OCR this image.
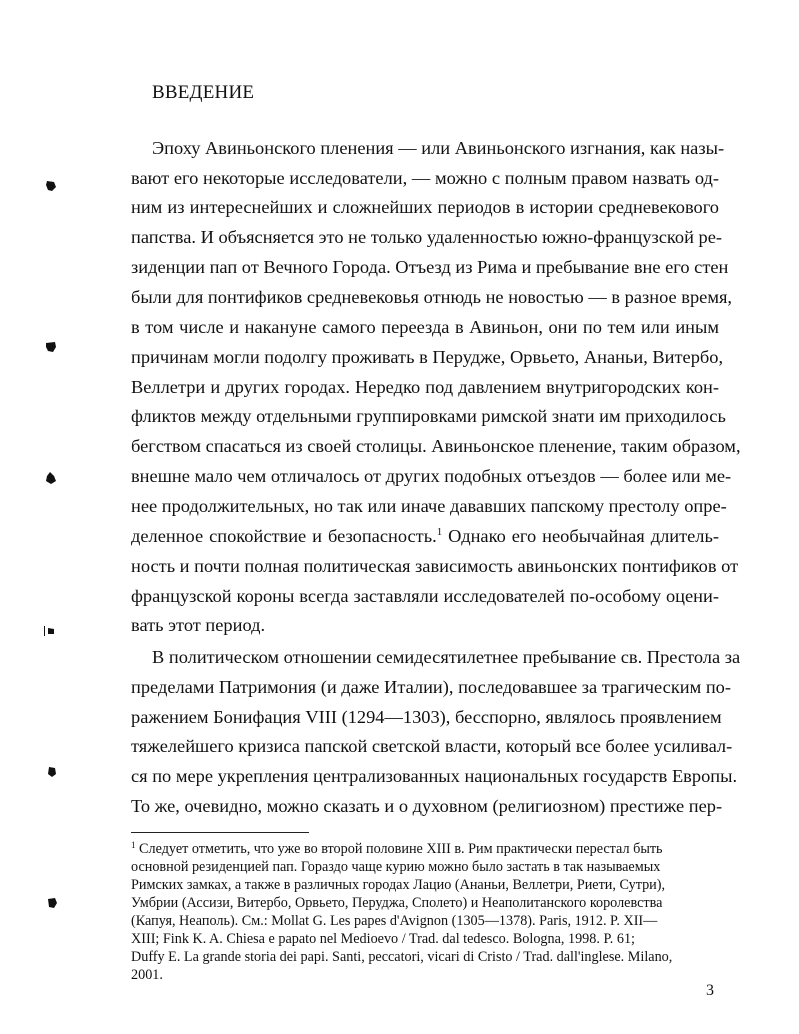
ВВЕДЕНИЕ
Эпоху Авиньонского пленения — или Авиньонского изгнания, как назы-
вают его некоторые исследователи, — можно с полным правом назвать од-
ним из интереснейших и сложнейших периодов в истории средневекового
папства. И объясняется это не только удаленностью южно-французской ре-
зиденции пап от Вечного Города. Отъезд из Рима и пребывание вне его стен
были для понтификов средневековья отнюдь не новостью — в разное время,
в том числе и накануне самого переезда в Авиньон, они по тем или иным
причинам могли подолгу проживать в Перудже, Орвьето, Ананьи, Витербо,
Веллетри и других городах. Нередко под давлением внутригородских кон-
фликтов между отдельными группировками римской знати им приходилось
бегством спасаться из своей столицы. Авиньонское пленение, таким образом,
внешне мало чем отличалось от других подобных отъездов — более или ме-
нее продолжительных, но так или иначе дававших папскому престолу опре-
деленное спокойствие и безопасность.$^1$ Однако его необычайная длитель-
ность и почти полная политическая зависимость авиньонских понтификов от
французской короны всегда заставляли исследователей по-особому оцени-
вать этот период.
В политическом отношении семидесятилетнее пребывание св. Престола за
пределами Патримония (и даже Италии), последовавшее за трагическим по-
ражением Бонифация VIII (1294—1303), бесспорно, являлось проявлением
тяжелейшего кризиса папской светской власти, который все более усиливал-
ся по мере укрепления централизованных национальных государств Европы.
То же, очевидно, можно сказать и о духовном (религиозном) престиже пер-
$^1$ Следует отметить, что уже во второй половине XIII в. Рим практически перестал быть
основной резиденцией пап. Гораздо чаще курию можно было застать в так называемых
Римских замках, а также в различных городах Лацио (Ананьи, Веллетри, Риети, Сутри),
Умбрии (Ассизи, Витербо, Орвьето, Перуджа, Сполето) и Неаполитанского королевства
(Капуя, Неаполь). См.: Mollat G. Les papes d'Avignon (1305—1378). Paris, 1912. P. XII—
XIII; Fink K. A. Chiesa e papato nel Medioevo / Trad. dal tedesco. Bologna, 1998. P. 61;
Duffy E. La grande storia dei papi. Santi, peccatori, vicari di Cristo / Trad. dall'inglese. Milano,
2001.
3
